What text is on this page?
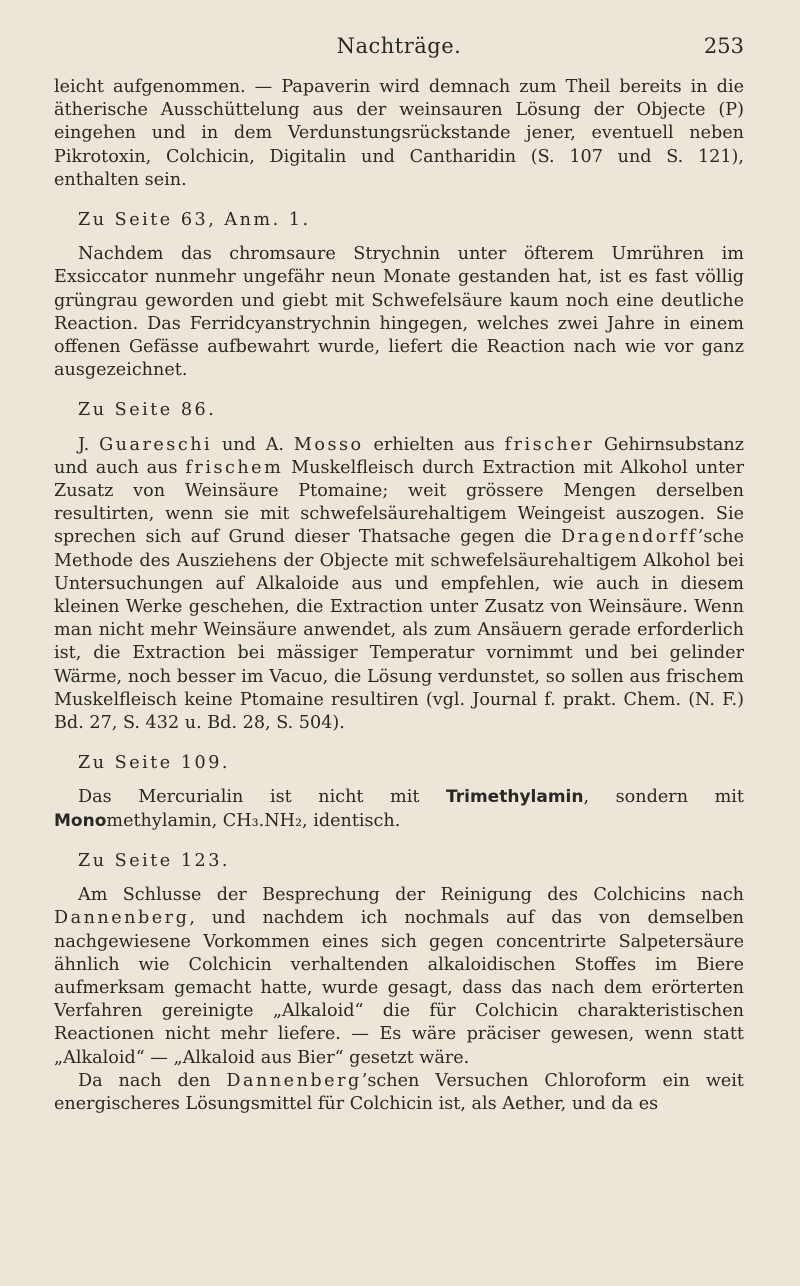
Nachträge.	253

leicht aufgenommen. — Papaverin wird demnach zum Theil bereits in die ätherische Ausschüttelung aus der weinsauren Lösung der Objecte (P) eingehen und in dem Verdunstungsrückstande jener, eventuell neben Pikrotoxin, Colchicin, Digitalin und Cantharidin (S. 107 und S. 121), enthalten sein.

Zu Seite 63, Anm. 1.

Nachdem das chromsaure Strychnin unter öfterem Umrühren im Exsiccator nunmehr ungefähr neun Monate gestanden hat, ist es fast völlig grüngrau geworden und giebt mit Schwefelsäure kaum noch eine deutliche Reaction. Das Ferridcyanstrychnin hingegen, welches zwei Jahre in einem offenen Gefässe aufbewahrt wurde, liefert die Reaction nach wie vor ganz ausgezeichnet.

Zu Seite 86.

J. Guareschi und A. Mosso erhielten aus frischer Gehirnsubstanz und auch aus frischem Muskelfleisch durch Extraction mit Alkohol unter Zusatz von Weinsäure Ptomaine; weit grössere Mengen derselben resultirten, wenn sie mit schwefelsäurehaltigem Weingeist auszogen. Sie sprechen sich auf Grund dieser Thatsache gegen die Dragendorff’sche Methode des Ausziehens der Objecte mit schwefelsäurehaltigem Alkohol bei Untersuchungen auf Alkaloide aus und empfehlen, wie auch in diesem kleinen Werke geschehen, die Extraction unter Zusatz von Weinsäure. Wenn man nicht mehr Weinsäure anwendet, als zum Ansäuern gerade erforderlich ist, die Extraction bei mässiger Temperatur vornimmt und bei gelinder Wärme, noch besser im Vacuo, die Lösung verdunstet, so sollen aus frischem Muskelfleisch keine Ptomaine resultiren (vgl. Journal f. prakt. Chem. (N. F.) Bd. 27, S. 432 u. Bd. 28, S. 504).

Zu Seite 109.

Das Mercurialin ist nicht mit Trimethylamin, sondern mit Monomethylamin, CH₃.NH₂, identisch.

Zu Seite 123.

Am Schlusse der Besprechung der Reinigung des Colchicins nach Dannenberg, und nachdem ich nochmals auf das von demselben nachgewiesene Vorkommen eines sich gegen concentrirte Salpetersäure ähnlich wie Colchicin verhaltenden alkaloidischen Stoffes im Biere aufmerksam gemacht hatte, wurde gesagt, dass das nach dem erörterten Verfahren gereinigte „Alkaloid“ die für Colchicin charakteristischen Reactionen nicht mehr liefere. — Es wäre präciser gewesen, wenn statt „Alkaloid“ — „Alkaloid aus Bier“ gesetzt wäre.

Da nach den Dannenberg’schen Versuchen Chloroform ein weit energischeres Lösungsmittel für Colchicin ist, als Aether, und da es
